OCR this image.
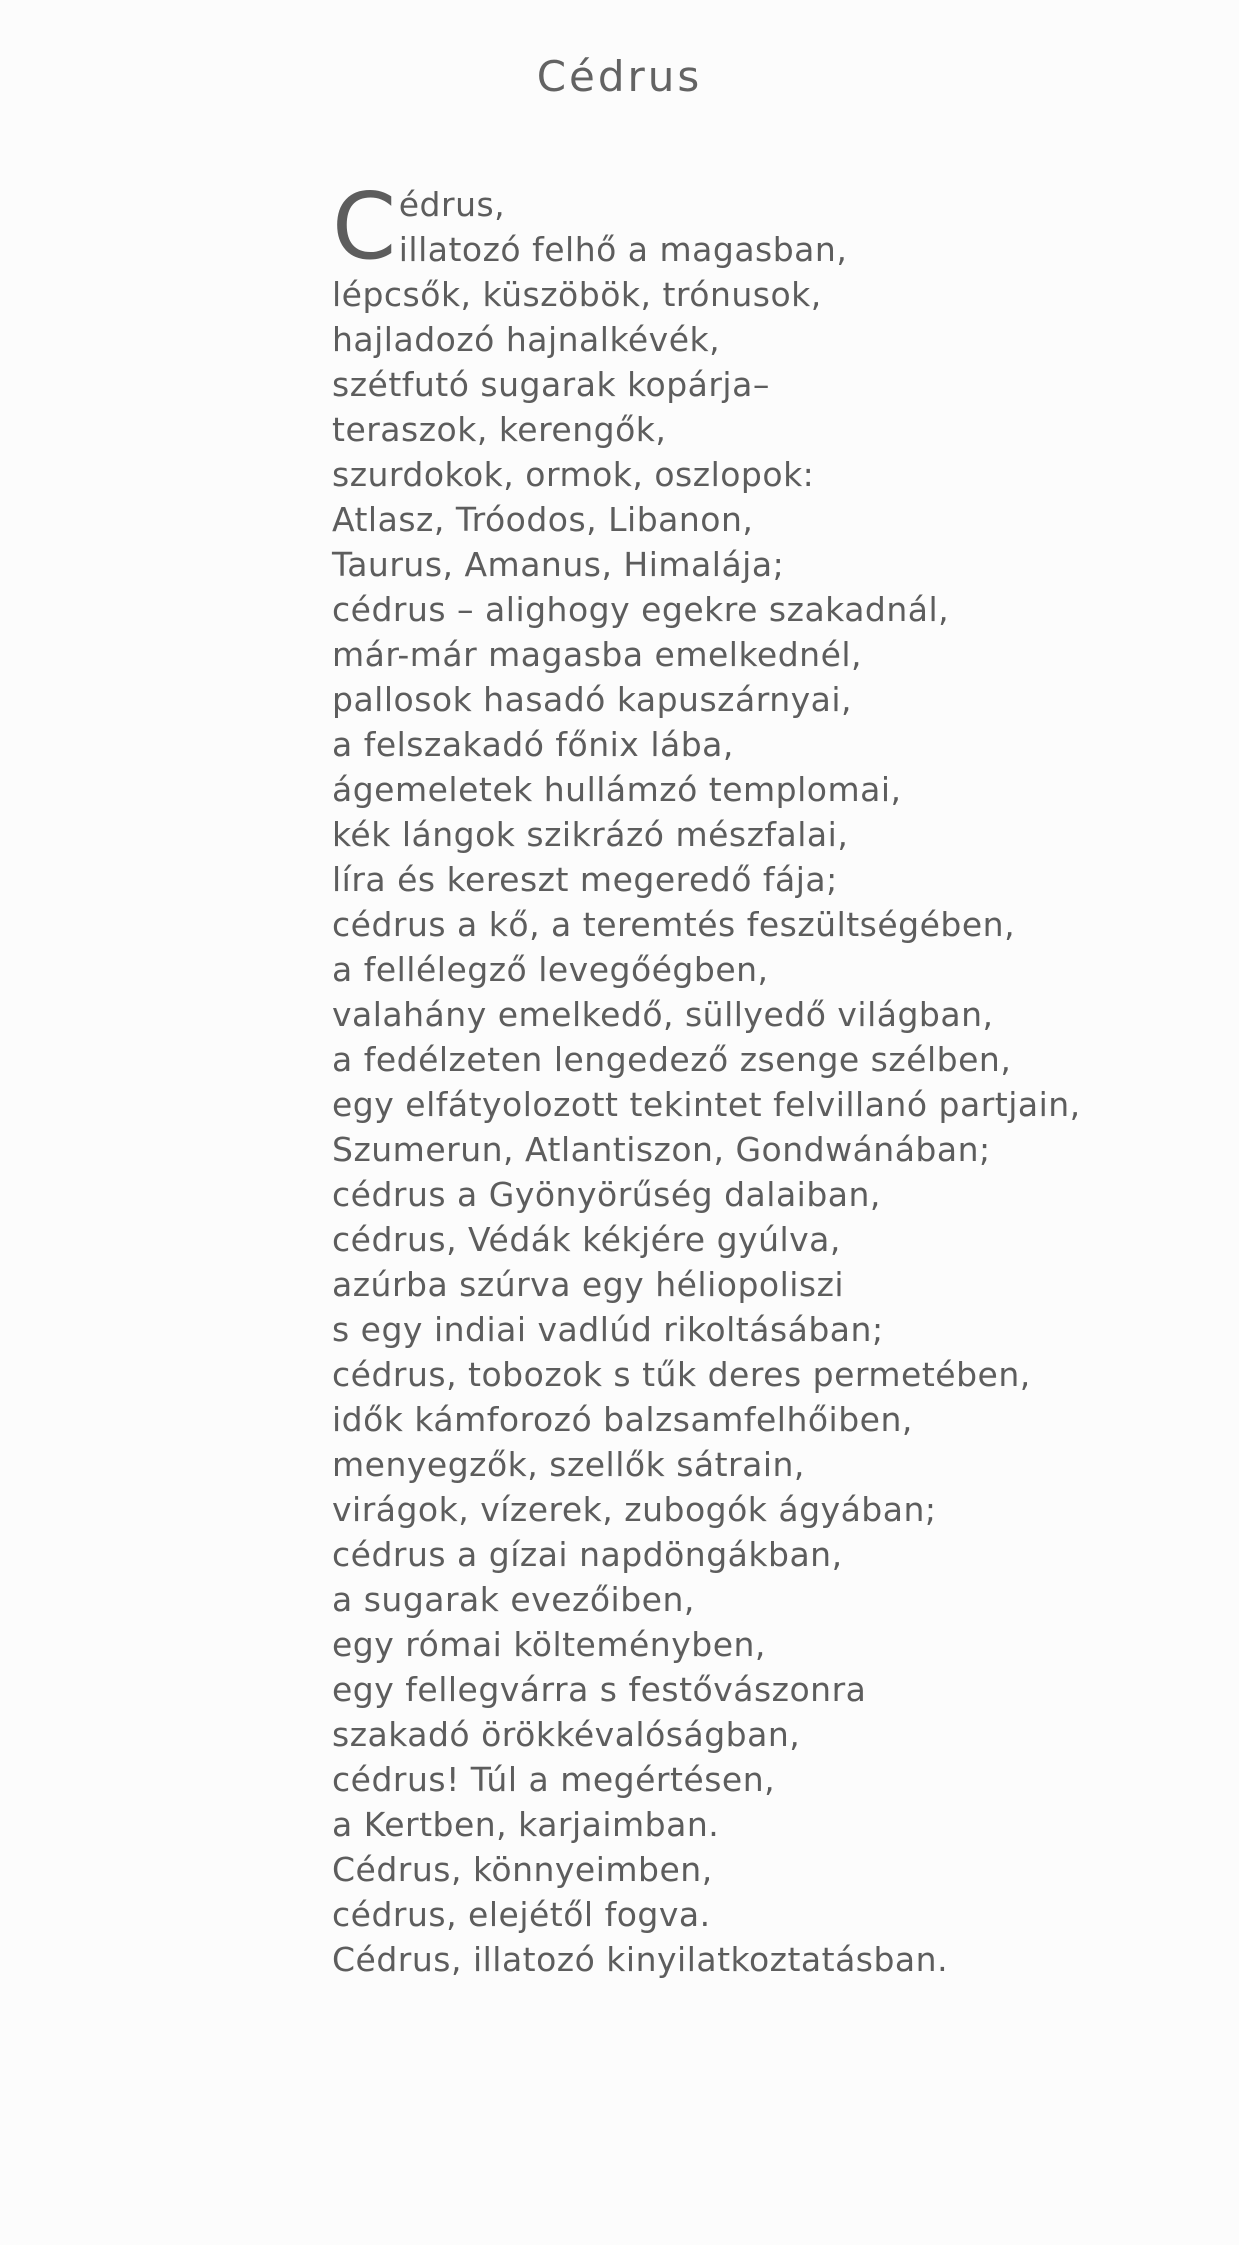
Cédrus
C édrus,
illatozó felhő a magasban,
lépcsők, küszöbök, trónusok,
hajladozó hajnalkévék,
szétfutó sugarak kopárja–
teraszok, kerengők,
szurdokok, ormok, oszlopok:
Atlasz, Tróodos, Libanon,
Taurus, Amanus, Himalája;
cédrus – alighogy egekre szakadnál,
már-már magasba emelkednél,
pallosok hasadó kapuszárnyai,
a felszakadó főnix lába,
ágemeletek hullámzó templomai,
kék lángok szikrázó mészfalai,
líra és kereszt megeredő fája;
cédrus a kő, a teremtés feszültségében,
a fellélegző levegőégben,
valahány emelkedő, süllyedő világban,
a fedélzeten lengedező zsenge szélben,
egy elfátyolozott tekintet felvillanó partjain,
Szumerun, Atlantiszon, Gondwánában;
cédrus a Gyönyörűség dalaiban,
cédrus, Védák kékjére gyúlva,
azúrba szúrva egy héliopoliszi
s egy indiai vadlúd rikoltásában;
cédrus, tobozok s tűk deres permetében,
idők kámforozó balzsamfelhőiben,
menyegzők, szellők sátrain,
virágok, vízerek, zubogók ágyában;
cédrus a gízai napdöngákban,
a sugarak evezőiben,
egy római költeményben,
egy fellegvárra s festővászonra
szakadó örökkévalóságban,
cédrus! Túl a megértésen,
a Kertben, karjaimban.
Cédrus, könnyeimben,
cédrus, elejétől fogva.
Cédrus, illatozó kinyilatkoztatásban.
